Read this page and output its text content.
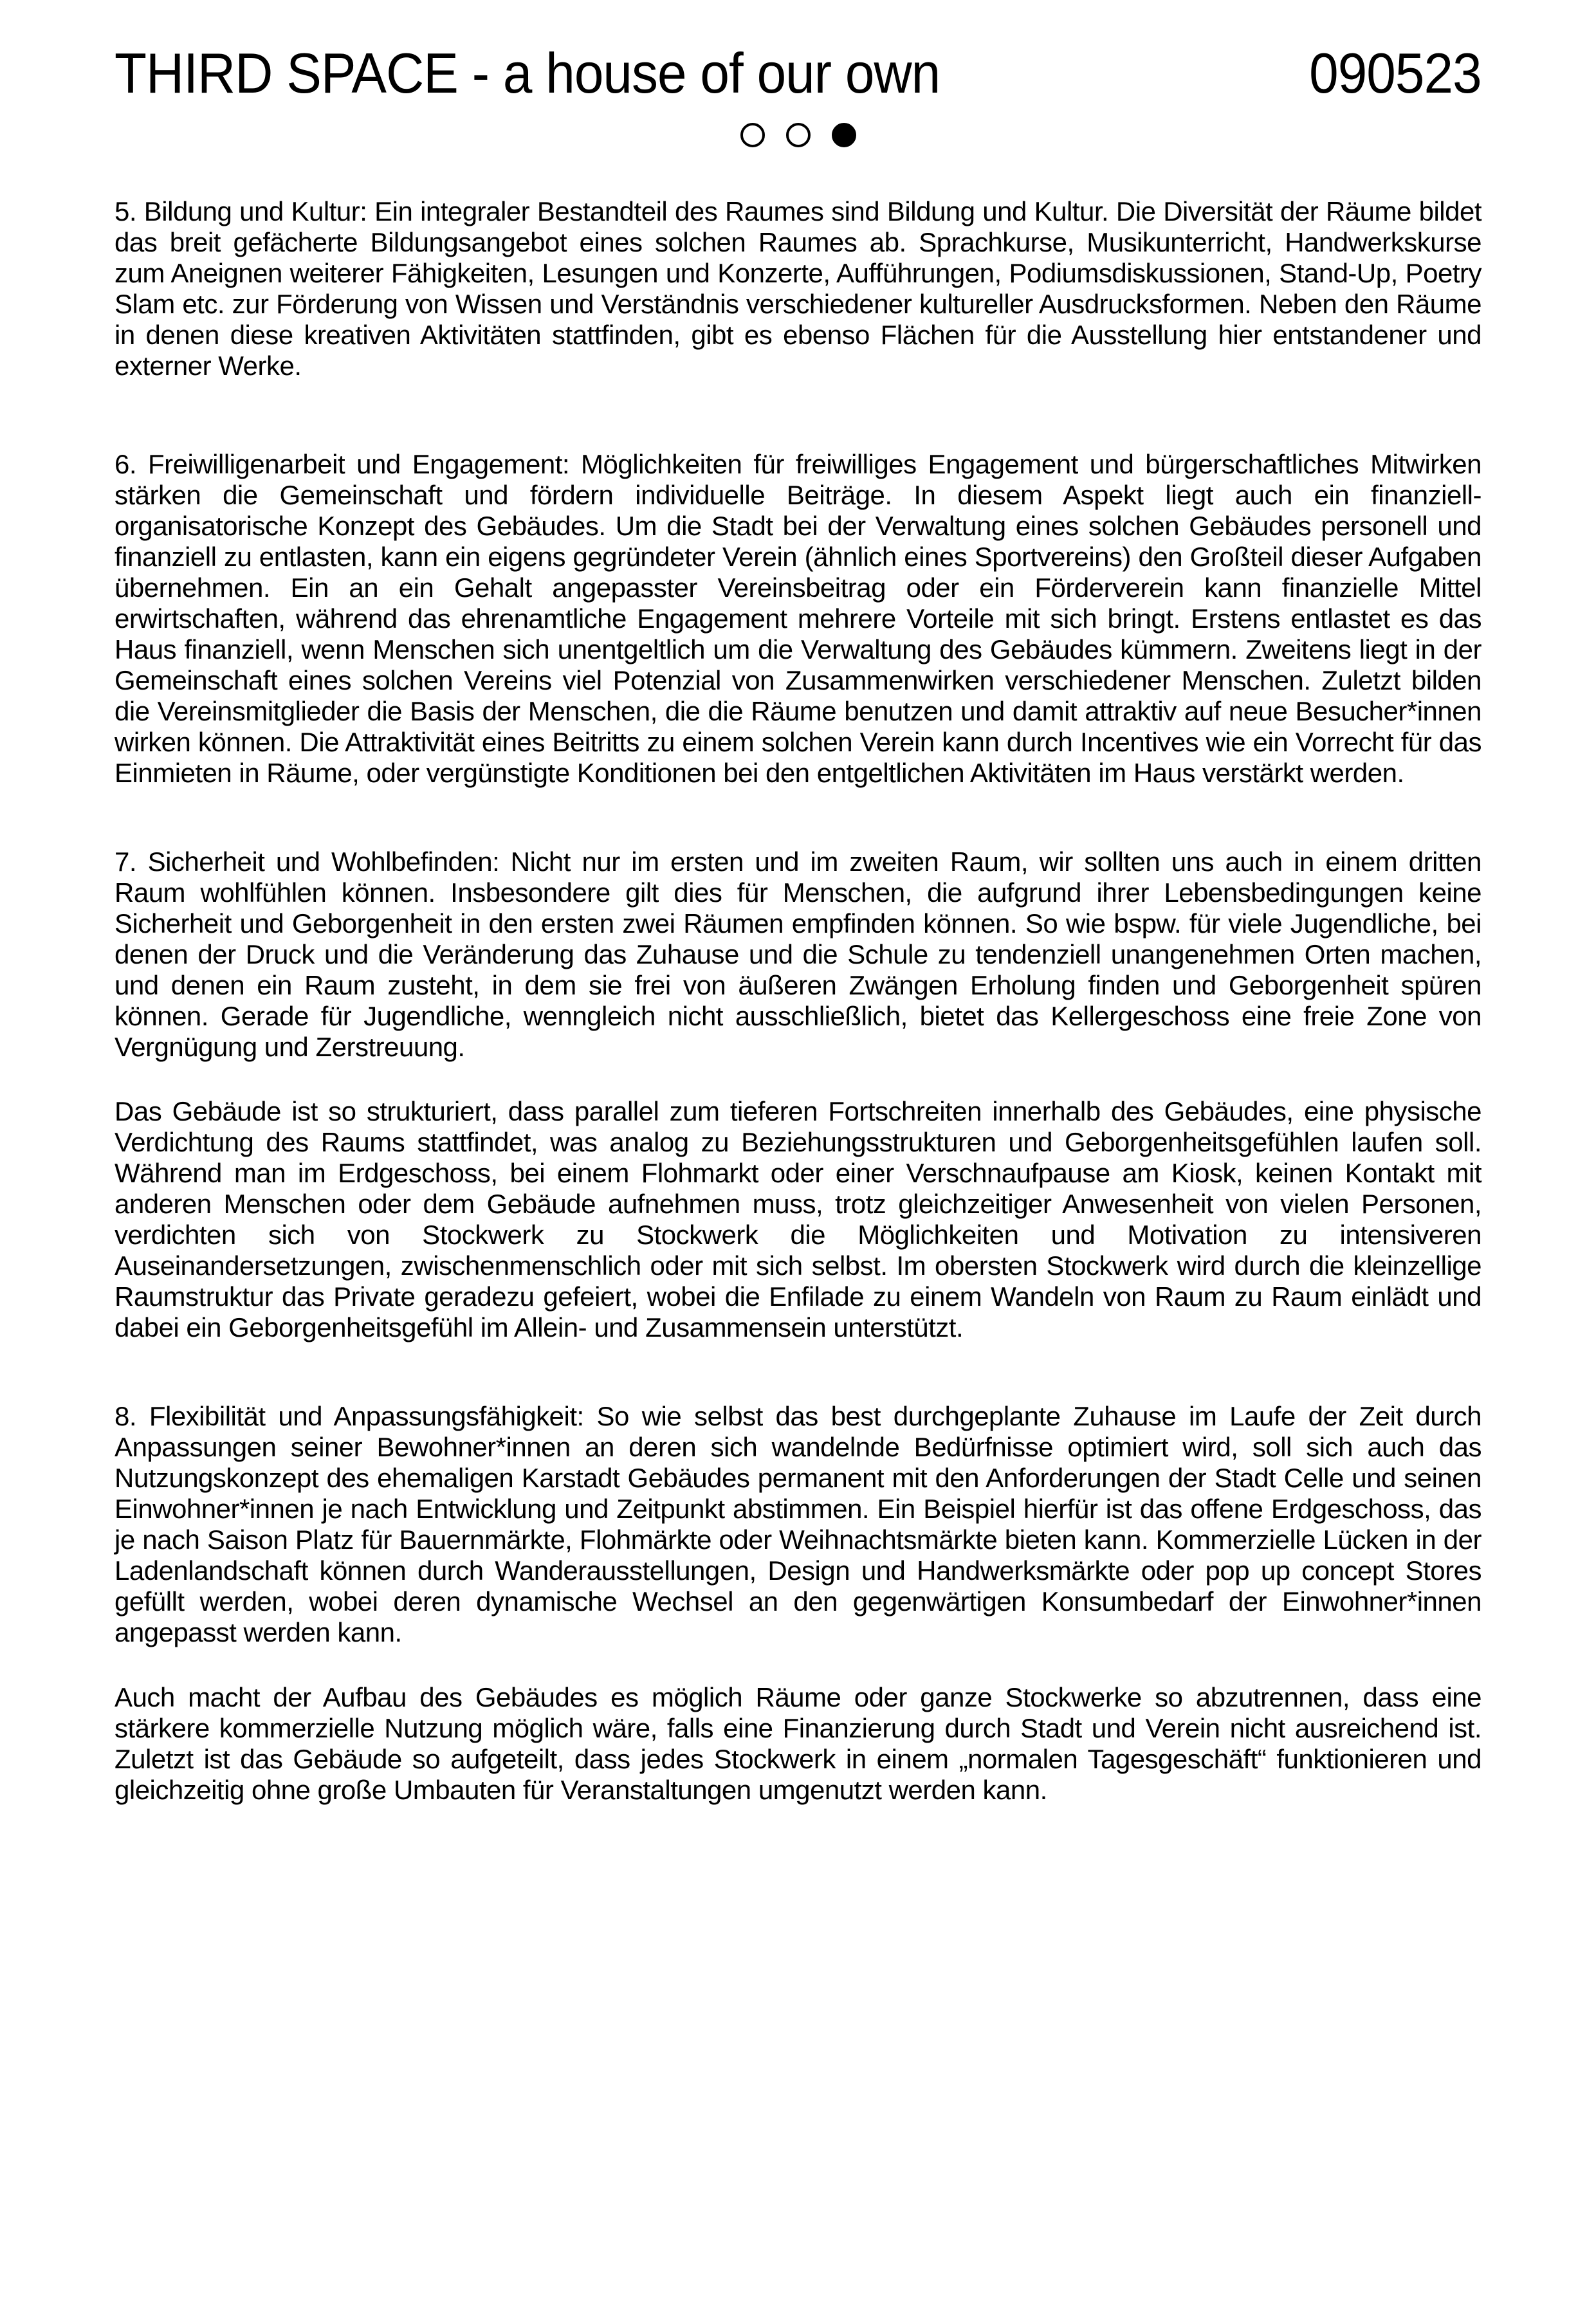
THIRD SPACE - a house of our own	090523

5. Bildung und Kultur: Ein integraler Bestandteil des Raumes sind Bildung und Kultur. Die Diversität der Räume bildet das breit gefächerte Bildungsangebot eines solchen Raumes ab. Sprachkurse, Musikunterricht, Handwerkskurse zum Aneignen weiterer Fähigkeiten, Lesungen und Konzerte, Aufführungen, Podiumsdiskussionen, Stand-Up, Poetry Slam etc. zur Förderung von Wissen und Verständnis verschiedener kultureller Ausdrucksformen. Neben den Räume in denen diese kreativen Aktivitäten stattfinden, gibt es ebenso Flächen für die Ausstellung hier entstandener und externer Werke.

6. Freiwilligenarbeit und Engagement: Möglichkeiten für freiwilliges Engagement und bürgerschaftliches Mitwirken stärken die Gemeinschaft und fördern individuelle Beiträge. In diesem Aspekt liegt auch ein finanziell-organisatorische Konzept des Gebäudes. Um die Stadt bei der Verwaltung eines solchen Gebäudes personell und finanziell zu entlasten, kann ein eigens gegründeter Verein (ähnlich eines Sportvereins) den Großteil dieser Aufgaben übernehmen. Ein an ein Gehalt angepasster Vereinsbeitrag oder ein Förderverein kann finanzielle Mittel erwirtschaften, während das ehrenamtliche Engagement mehrere Vorteile mit sich bringt. Erstens entlastet es das Haus finanziell, wenn Menschen sich unentgeltlich um die Verwaltung des Gebäudes kümmern. Zweitens liegt in der Gemeinschaft eines solchen Vereins viel Potenzial von Zusammenwirken verschiedener Menschen. Zuletzt bilden die Vereinsmitglieder die Basis der Menschen, die die Räume benutzen und damit attraktiv auf neue Besucher*innen wirken können. Die Attraktivität eines Beitritts zu einem solchen Verein kann durch Incentives wie ein Vorrecht für das Einmieten in Räume, oder vergünstigte Konditionen bei den entgeltlichen Aktivitäten im Haus verstärkt werden.

7. Sicherheit und Wohlbefinden: Nicht nur im ersten und im zweiten Raum, wir sollten uns auch in einem dritten Raum wohlfühlen können. Insbesondere gilt dies für Menschen, die aufgrund ihrer Lebensbedingungen keine Sicherheit und Geborgenheit in den ersten zwei Räumen empfinden können. So wie bspw. für viele Jugendliche, bei denen der Druck und die Veränderung das Zuhause und die Schule zu tendenziell unangenehmen Orten machen, und denen ein Raum zusteht, in dem sie frei von äußeren Zwängen Erholung finden und Geborgenheit spüren können. Gerade für Jugendliche, wenngleich nicht ausschließlich, bietet das Kellergeschoss eine freie Zone von Vergnügung und Zerstreuung.

Das Gebäude ist so strukturiert, dass parallel zum tieferen Fortschreiten innerhalb des Gebäudes, eine physische Verdichtung des Raums stattfindet, was analog zu Beziehungsstrukturen und Geborgenheitsgefühlen laufen soll. Während man im Erdgeschoss, bei einem Flohmarkt oder einer Verschnaufpause am Kiosk, keinen Kontakt mit anderen Menschen oder dem Gebäude aufnehmen muss, trotz gleichzeitiger Anwesenheit von vielen Personen, verdichten sich von Stockwerk zu Stockwerk die Möglichkeiten und Motivation zu intensiveren Auseinandersetzungen, zwischenmenschlich oder mit sich selbst. Im obersten Stockwerk wird durch die kleinzellige Raumstruktur das Private geradezu gefeiert, wobei die Enfilade zu einem Wandeln von Raum zu Raum einlädt und dabei ein Geborgenheitsgefühl im Allein- und Zusammensein unterstützt.

8. Flexibilität und Anpassungsfähigkeit: So wie selbst das best durchgeplante Zuhause im Laufe der Zeit durch Anpassungen seiner Bewohner*innen an deren sich wandelnde Bedürfnisse optimiert wird, soll sich auch das Nutzungskonzept des ehemaligen Karstadt Gebäudes permanent mit den Anforderungen der Stadt Celle und seinen Einwohner*innen je nach Entwicklung und Zeitpunkt abstimmen. Ein Beispiel hierfür ist das offene Erdgeschoss, das je nach Saison Platz für Bauernmärkte, Flohmärkte oder Weihnachtsmärkte bieten kann. Kommerzielle Lücken in der Ladenlandschaft können durch Wanderausstellungen, Design und Handwerksmärkte oder pop up concept Stores gefüllt werden, wobei deren dynamische Wechsel an den gegenwärtigen Konsumbedarf der Einwohner*innen angepasst werden kann.

Auch macht der Aufbau des Gebäudes es möglich Räume oder ganze Stockwerke so abzutrennen, dass eine stärkere kommerzielle Nutzung möglich wäre, falls eine Finanzierung durch Stadt und Verein nicht ausreichend ist. Zuletzt ist das Gebäude so aufgeteilt, dass jedes Stockwerk in einem „normalen Tagesgeschäft“ funktionieren und gleichzeitig ohne große Umbauten für Veranstaltungen umgenutzt werden kann.
